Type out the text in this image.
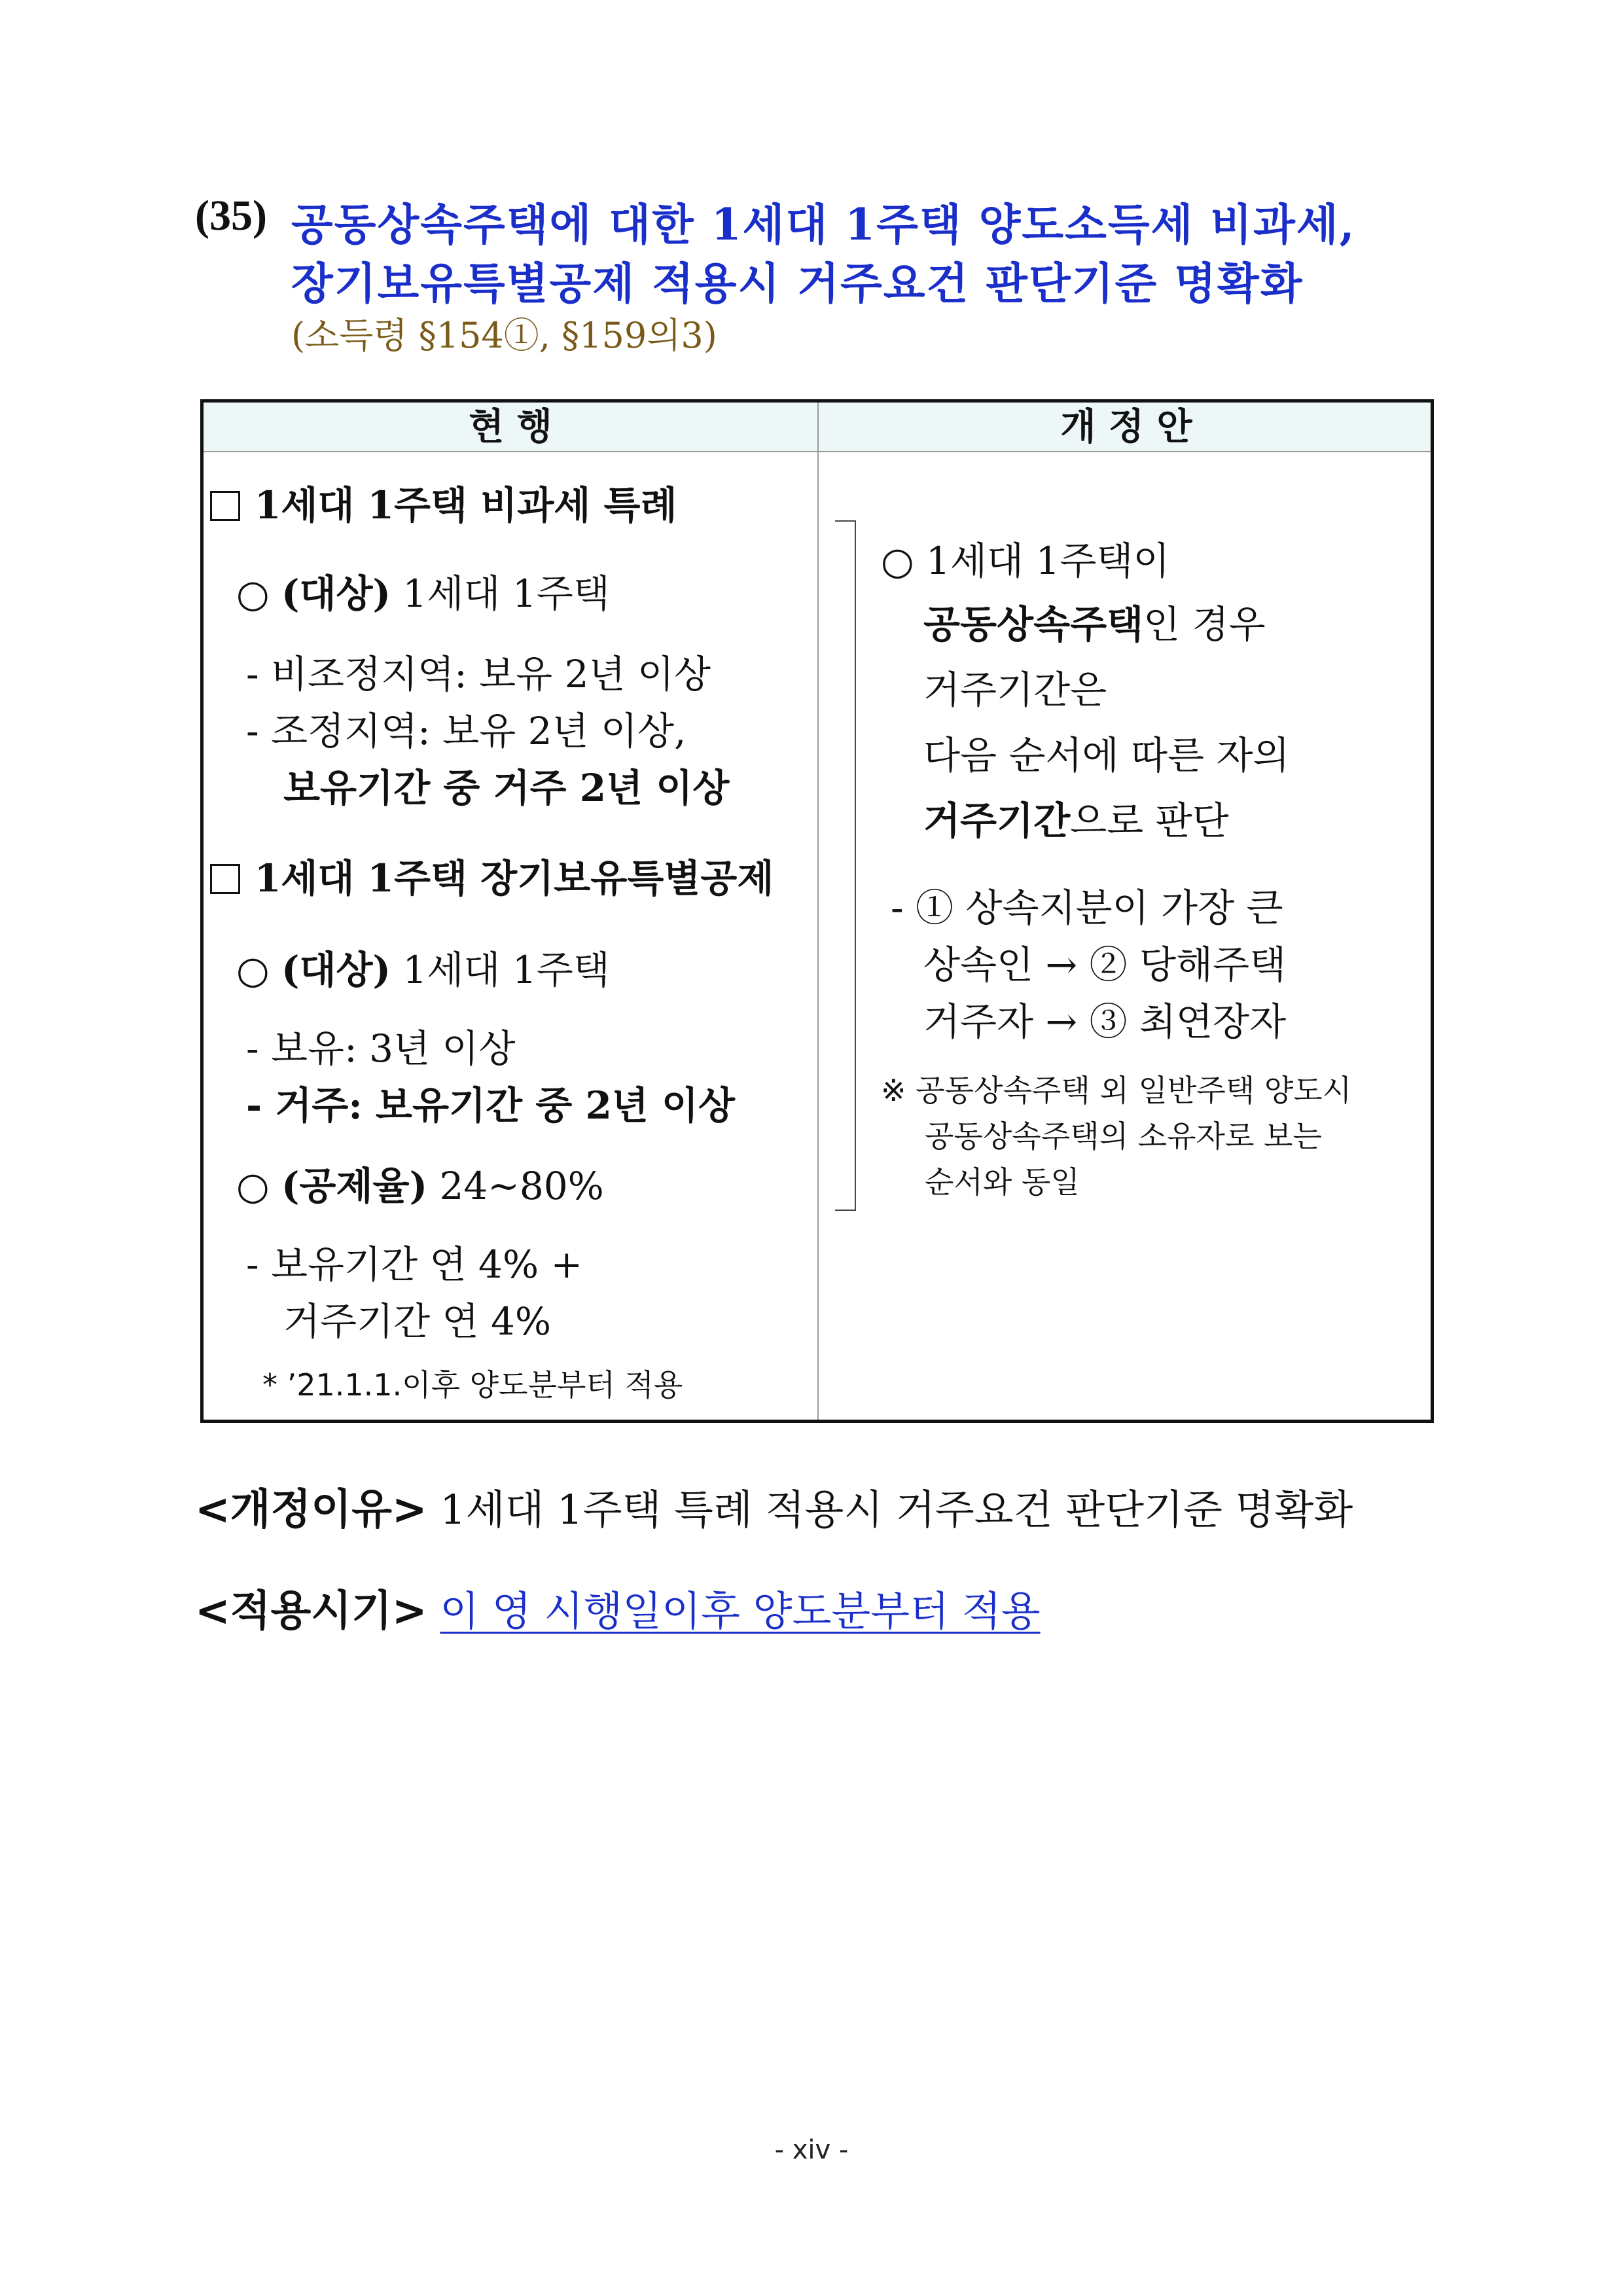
(35) 공동상속주택에 대한 1세대 1주택 양도소득세 비과세,
장기보유특별공제 적용시 거주요건 판단기준 명확화
(소득령 §154①, §159의3)
현 행	개 정 안
1세대 1주택 비과세 특례
○ (대상) 1세대 1주택
- 비조정지역: 보유 2년 이상
- 조정지역: 보유 2년 이상,
보유기간 중 거주 2년 이상
1세대 1주택 장기보유특별공제
○ (대상) 1세대 1주택
- 보유: 3년 이상
- 거주: 보유기간 중 2년 이상
○ (공제율) 24~80%
- 보유기간 연 4% +
거주기간 연 4%
* ’21.1.1.이후 양도분부터 적용
○ 1세대 1주택이
공동상속주택인 경우
거주기간은
다음 순서에 따른 자의
거주기간으로 판단
- ① 상속지분이 가장 큰
상속인 → ② 당해주택
거주자 → ③ 최연장자
※ 공동상속주택 외 일반주택 양도시
공동상속주택의 소유자로 보는
순서와 동일
<개정이유> 1세대 1주택 특례 적용시 거주요건 판단기준 명확화
<적용시기> 이 영 시행일이후 양도분부터 적용
- xiv -
